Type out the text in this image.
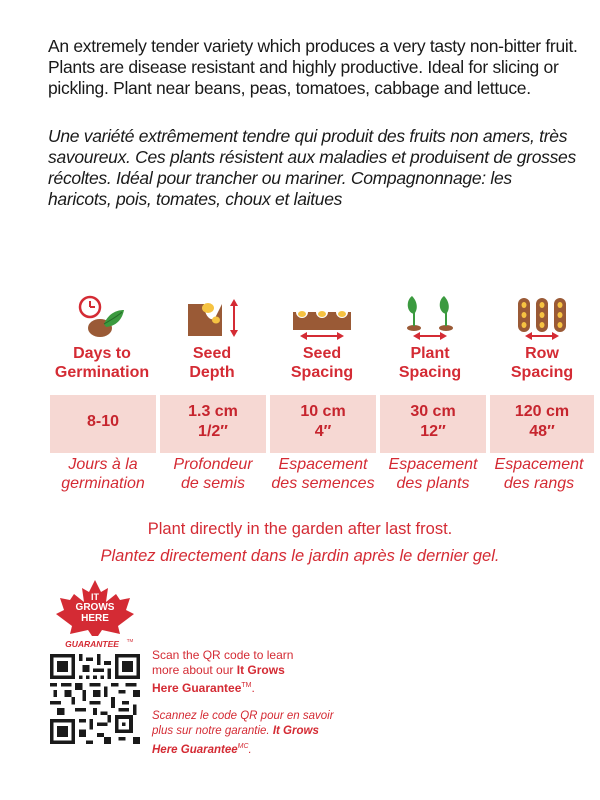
An extremely tender variety which produces a very tasty non-bitter fruit. Plants are disease resistant and highly productive. Ideal for slicing or pickling. Plant near beans, peas, tomatoes, cabbage and lettuce.
Une variété extrêmement tendre qui produit des fruits non amers, très savoureux. Ces plants résistent aux maladies et produisent de grosses récoltes. Idéal pour trancher ou mariner. Compagnonnage: les haricots, pois, tomates, choux et laitues
Days to
Germination
Seed
Depth
Seed
Spacing
Plant
Spacing
Row
Spacing
8-10
1.3 cm
1/2″
10 cm
4″
30 cm
12″
120 cm
48″
Jours à la
germination
Profondeur
de semis
Espacement
des semences
Espacement
des plants
Espacement
des rangs
Plant directly in the garden after last frost.
Plantez directement dans le jardin après le dernier gel.
IT
GROWS
HERE
GUARANTEE TM
Scan the QR code to learn
more about our It Grows
Here Guarantee™.
Scannez le code QR pour en savoir
plus sur notre garantie. It Grows
Here Guarantee$^{MC}$.
